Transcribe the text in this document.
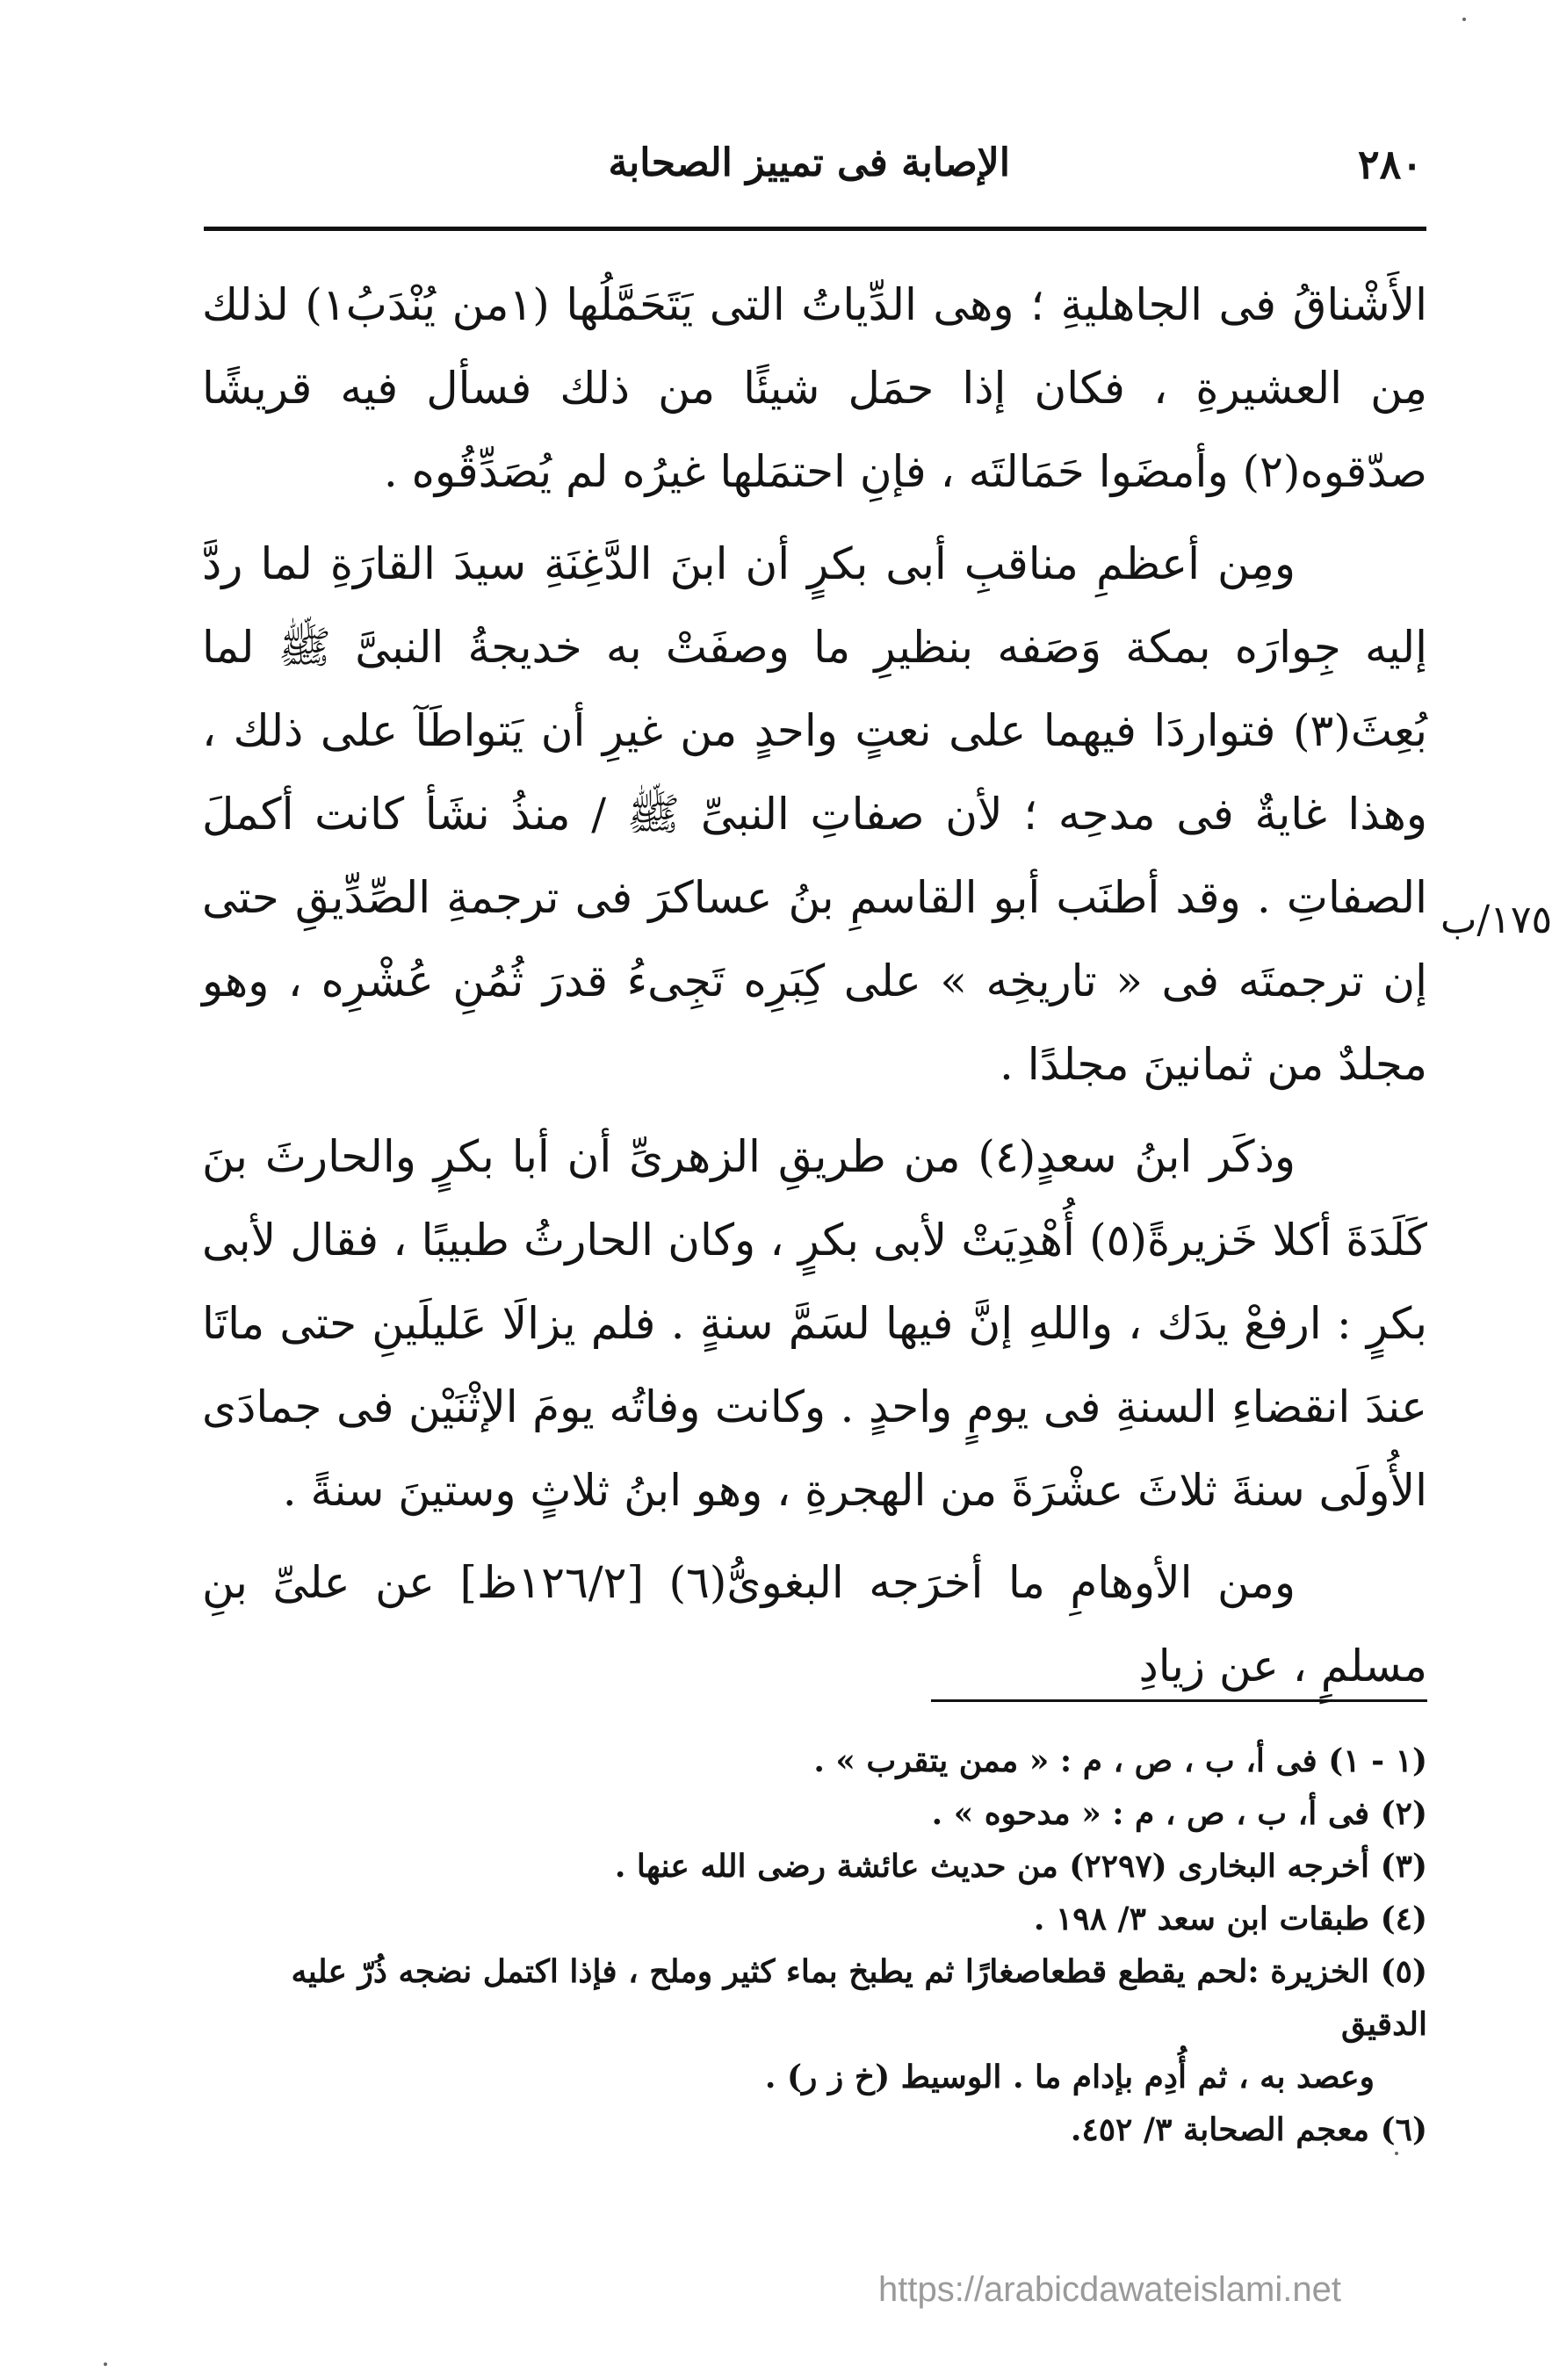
٢٨٠
الإصابة فى تمييز الصحابة

الأَشْناقُ فى الجاهليةِ ؛ وهى الدِّياتُ التى يَتَحَمَّلُها (١من يُنْدَبُ١) لذلك مِن العشيرةِ ، فكان إذا حمَل شيئًا من ذلك فسأل فيه قريشًا صدّقوه(٢) وأمضَوا حَمَالتَه ، فإنِ احتمَلها غيرُه لم يُصَدِّقُوه .

ومِن أعظمِ مناقبِ أبى بكرٍ أن ابنَ الدَّغِنَةِ سيدَ القارَةِ لما ردَّ إليه جِوارَه بمكة وَصَفه بنظيرِ ما وصفَتْ به خديجةُ النبىَّ ﷺ لما بُعِثَ(٣) فتواردَا فيهما على نعتٍ واحدٍ من غيرِ أن يَتواطَآ على ذلك ، وهذا غايةٌ فى مدحِه ؛ لأن صفاتِ النبىِّ ﷺ / منذُ نشَأ كانت أكملَ الصفاتِ . وقد أطنَب أبو القاسمِ بنُ عساكرَ فى ترجمةِ الصِّدِّيقِ حتى إن ترجمتَه فى « تاريخِه » على كِبَرِه تَجِىءُ قدرَ ثُمُنِ عُشْرِه ، وهو مجلدٌ من ثمانينَ مجلدًا .

وذكَر ابنُ سعدٍ(٤) من طريقِ الزهرىِّ أن أبا بكرٍ والحارثَ بنَ كَلَدَةَ أكلا خَزيرةً(٥) أُهْدِيَتْ لأبى بكرٍ ، وكان الحارثُ طبيبًا ، فقال لأبى بكرٍ : ارفعْ يدَك ، واللهِ إنَّ فيها لسَمَّ سنةٍ . فلم يزالَا عَليلَينِ حتى ماتَا عندَ انقضاءِ السنةِ فى يومٍ واحدٍ . وكانت وفاتُه يومَ الإثْنَيْن فى جمادَى الأُولَى سنةَ ثلاثَ عشْرَةَ من الهجرةِ ، وهو ابنُ ثلاثٍ وستينَ سنةً .

ومن الأوهامِ ما أخرَجه البغوىُّ(٦) [١٢٦/٢ظ] عن علىِّ بنِ مسلمٍ ، عن زيادِ

١٧٥/ب

(١ - ١) فى أ، ب ، ص ، م : « ممن يتقرب » .

(٢) فى أ، ب ، ص ، م : « مدحوه » .

(٣) أخرجه البخارى (٢٢٩٧) من حديث عائشة رضى الله عنها .

(٤) طبقات ابن سعد ٣/ ١٩٨ .

(٥) الخزيرة :لحم يقطع قطعاصغارًا ثم يطبخ بماء كثير وملح ، فإذا اكتمل نضجه ذُرّ عليه الدقيق

وعصد به ، ثم أُدِم بإدام ما . الوسيط (خ ز ر) .

(٦) معجم الصحابة ٣/ ٤٥٢.

https://arabicdawateislami.net
